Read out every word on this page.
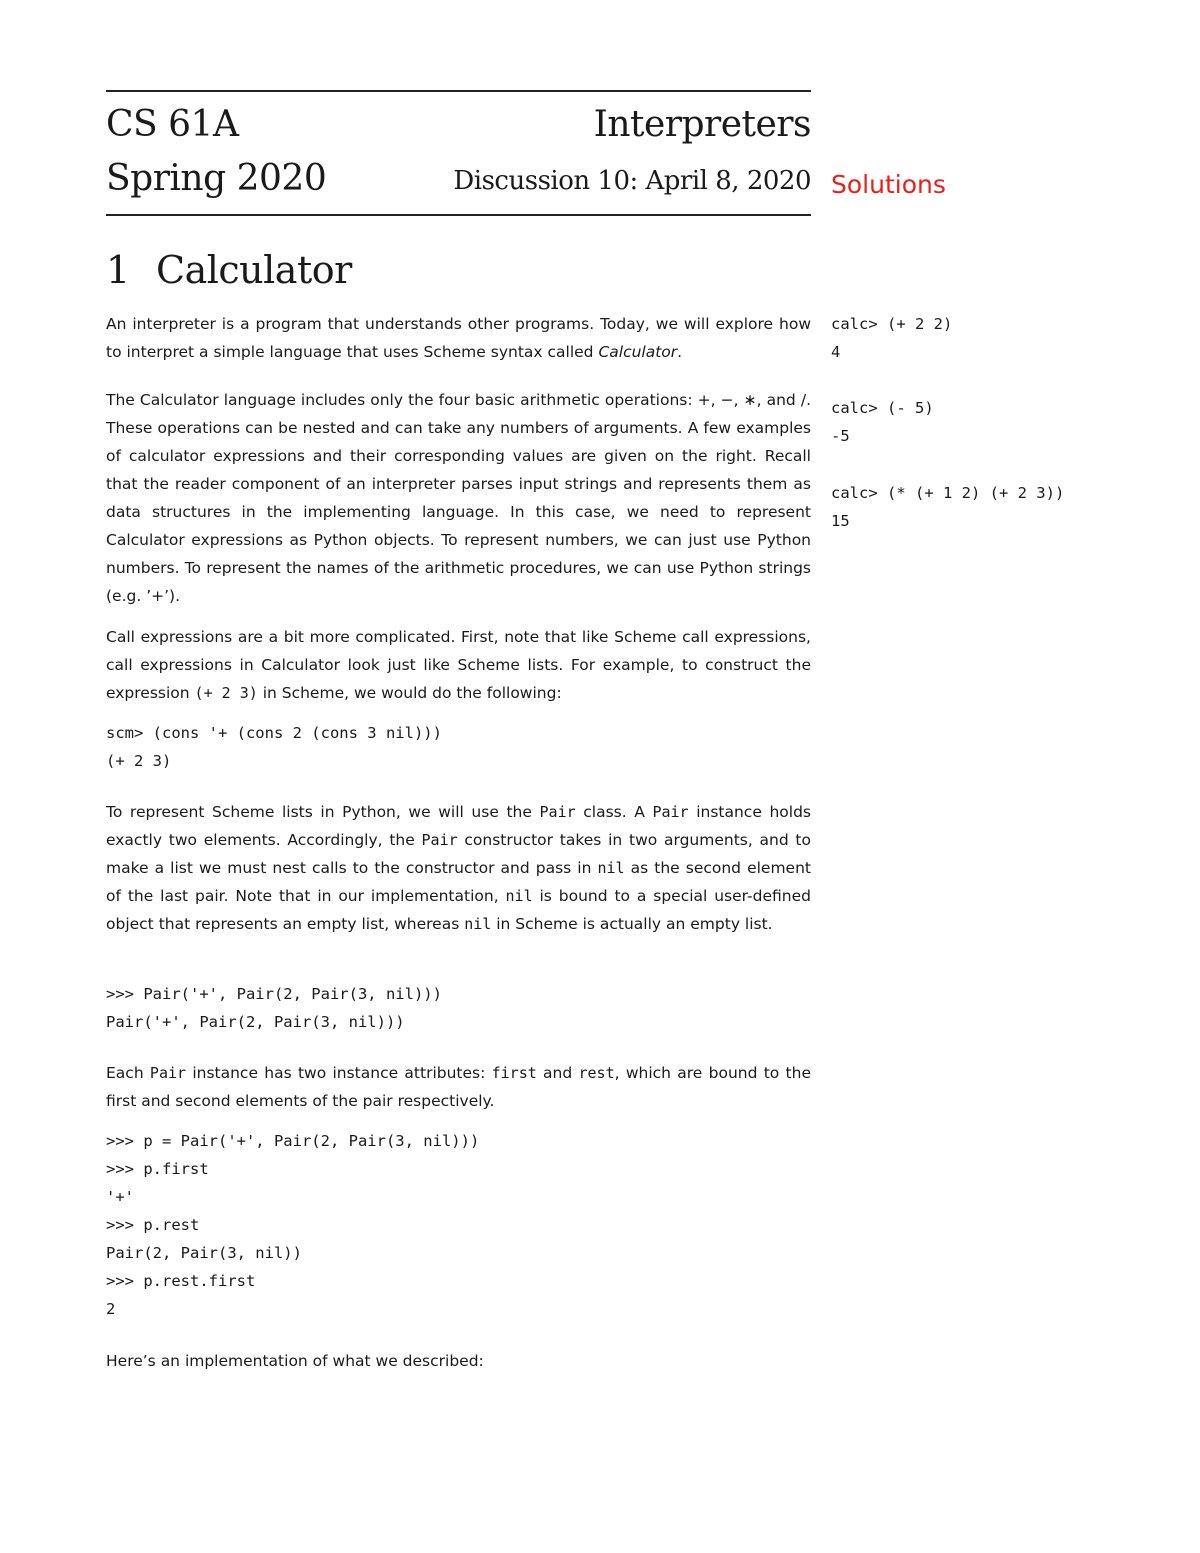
CS 61A	Interpreters
Spring 2020	Discussion 10: April 8, 2020 Solutions
1 Calculator

An interpreter is a program that understands other programs. Today, we will explore how to interpret a simple language that uses Scheme syntax called Calculator.

The Calculator language includes only the four basic arithmetic operations: +, −, ∗, and /. These operations can be nested and can take any numbers of arguments. A few examples of calculator expressions and their corresponding values are given on the right. Recall that the reader component of an interpreter parses input strings and represents them as data structures in the implementing language. In this case, we need to represent Calculator expressions as Python objects. To represent numbers, we can just use Python numbers. To represent the names of the arithmetic procedures, we can use Python strings (e.g. ’+’).

Call expressions are a bit more complicated. First, note that like Scheme call expressions, call expressions in Calculator look just like Scheme lists. For example, to construct the expression (+ 2 3) in Scheme, we would do the following:

scm> (cons '+ (cons 2 (cons 3 nil)))
(+ 2 3)

To represent Scheme lists in Python, we will use the Pair class. A Pair instance holds exactly two elements. Accordingly, the Pair constructor takes in two arguments, and to make a list we must nest calls to the constructor and pass in nil as the second element of the last pair. Note that in our implementation, nil is bound to a special user-defined object that represents an empty list, whereas nil in Scheme is actually an empty list.

>>> Pair('+', Pair(2, Pair(3, nil)))
Pair('+', Pair(2, Pair(3, nil)))

Each Pair instance has two instance attributes: first and rest, which are bound to the first and second elements of the pair respectively.

>>> p = Pair('+', Pair(2, Pair(3, nil)))
>>> p.first
'+'
>>> p.rest
Pair(2, Pair(3, nil))
>>> p.rest.first
2

Here’s an implementation of what we described:

calc> (+ 2 2)
4
calc> (- 5)
-5
calc> (* (+ 1 2) (+ 2 3))
15
